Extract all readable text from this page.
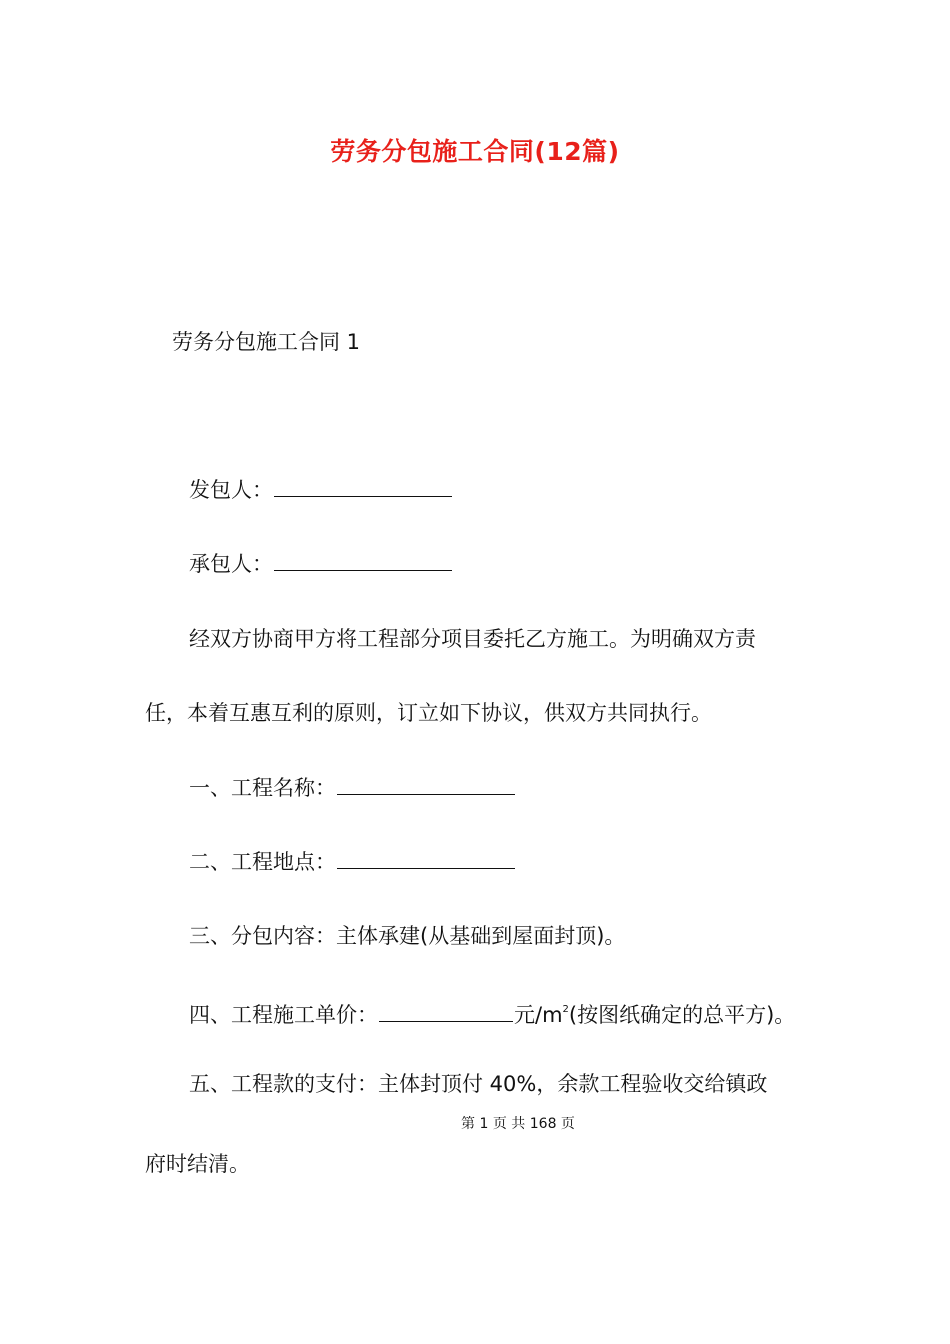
劳务分包施工合同(12篇)
劳务分包施工合同 1
发包人：
承包人：
经双方协商甲方将工程部分项目委托乙方施工。为明确双方责
任，本着互惠互利的原则，订立如下协议，供双方共同执行。
一、工程名称：
二、工程地点：
三、分包内容：主体承建(从基础到屋面封顶)。
四、工程施工单价：	元$/m^2$(按图纸确定的总平方)。
五、工程款的支付：主体封顶付 40%，余款工程验收交给镇政
第 1 页 共 168 页
府时结清。
